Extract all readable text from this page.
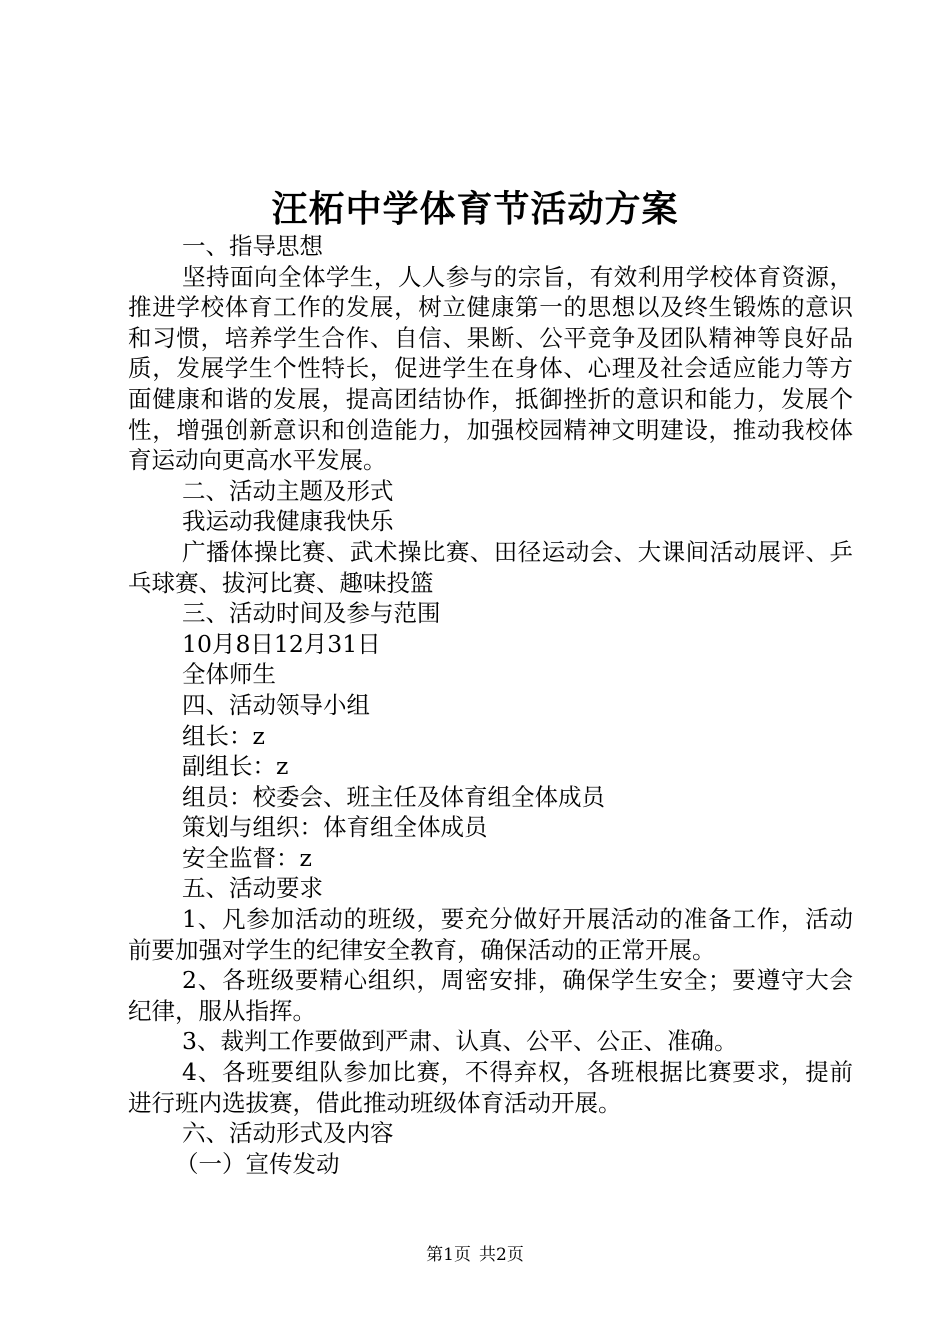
汪柘中学体育节活动方案

一、指导思想

坚持面向全体学生，人人参与的宗旨，有效利用学校体育资源，推进学校体育工作的发展，树立健康第一的思想以及终生锻炼的意识和习惯，培养学生合作、自信、果断、公平竞争及团队精神等良好品质，发展学生个性特长，促进学生在身体、心理及社会适应能力等方面健康和谐的发展，提高团结协作，抵御挫折的意识和能力，发展个性，增强创新意识和创造能力，加强校园精神文明建设，推动我校体育运动向更高水平发展。

二、活动主题及形式

我运动我健康我快乐

广播体操比赛、武术操比赛、田径运动会、大课间活动展评、乒乓球赛、拔河比赛、趣味投篮

三、活动时间及参与范围

10月8日12月31日

全体师生

四、活动领导小组

组长：z

副组长：z

组员：校委会、班主任及体育组全体成员

策划与组织：体育组全体成员

安全监督：z

五、活动要求

1、凡参加活动的班级，要充分做好开展活动的准备工作，活动前要加强对学生的纪律安全教育，确保活动的正常开展。

2、各班级要精心组织，周密安排，确保学生安全；要遵守大会纪律，服从指挥。

3、裁判工作要做到严肃、认真、公平、公正、准确。

4、各班要组队参加比赛，不得弃权，各班根据比赛要求，提前进行班内选拔赛，借此推动班级体育活动开展。

六、活动形式及内容

（一）宣传发动

第1页 共2页
